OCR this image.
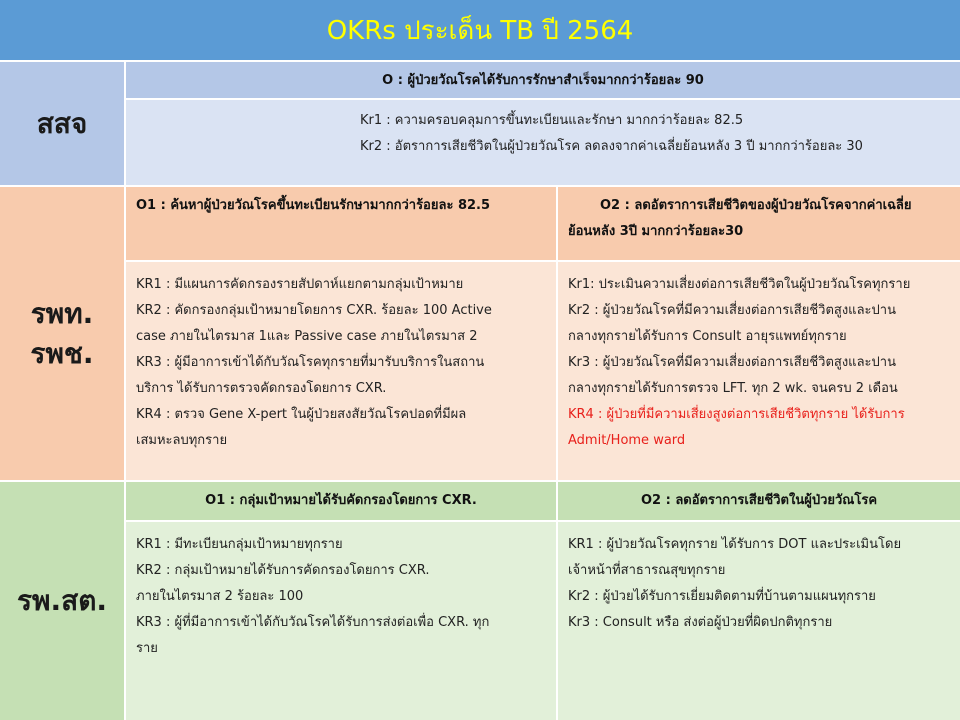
OKRs ประเด็น TB ปี 2564
สสจ
O : ผู้ป่วยวัณโรคได้รับการรักษาสำเร็จมากกว่าร้อยละ 90
Kr1 : ความครอบคลุมการขึ้นทะเบียนและรักษา มากกว่าร้อยละ 82.5
Kr2 : อัตราการเสียชีวิตในผู้ป่วยวัณโรค ลดลงจากค่าเฉลี่ยย้อนหลัง 3 ปี มากกว่าร้อยละ 30
รพท.
รพช.
O1 : ค้นหาผู้ป่วยวัณโรคขึ้นทะเบียนรักษามากกว่าร้อยละ 82.5	O2 : ลดอัตราการเสียชีวิตของผู้ป่วยวัณโรคจากค่าเฉลี่ย
ย้อนหลัง 3ปี มากกว่าร้อยละ30
KR1 : มีแผนการคัดกรองรายสัปดาห์แยกตามกลุ่มเป้าหมาย
KR2 : คัดกรองกลุ่มเป้าหมายโดยการ CXR. ร้อยละ 100 Active
case ภายในไตรมาส 1และ Passive case ภายในไตรมาส 2
KR3 : ผู้มีอาการเข้าได้กับวัณโรคทุกรายที่มารับบริการในสถาน
บริการ ได้รับการตรวจคัดกรองโดยการ CXR.
KR4 : ตรวจ Gene X-pert ในผู้ป่วยสงสัยวัณโรคปอดที่มีผล
เสมหะลบทุกราย
Kr1: ประเมินความเสี่ยงต่อการเสียชีวิตในผู้ป่วยวัณโรคทุกราย
Kr2 : ผู้ป่วยวัณโรคที่มีความเสี่ยงต่อการเสียชีวิตสูงและปาน
กลางทุกรายได้รับการ Consult อายุรแพทย์ทุกราย
Kr3 : ผู้ป่วยวัณโรคที่มีความเสี่ยงต่อการเสียชีวิตสูงและปาน
กลางทุกรายได้รับการตรวจ LFT. ทุก 2 wk. จนครบ 2 เดือน
KR4 : ผู้ป่วยที่มีความเสี่ยงสูงต่อการเสียชีวิตทุกราย ได้รับการ
Admit/Home ward
รพ.สต.
O1 : กลุ่มเป้าหมายได้รับคัดกรองโดยการ CXR.	O2 : ลดอัตราการเสียชีวิตในผู้ป่วยวัณโรค
KR1 : มีทะเบียนกลุ่มเป้าหมายทุกราย
KR2 : กลุ่มเป้าหมายได้รับการคัดกรองโดยการ CXR.
ภายในไตรมาส 2 ร้อยละ 100
KR3 : ผู้ที่มีอาการเข้าได้กับวัณโรคได้รับการส่งต่อเพื่อ CXR. ทุก
ราย
KR1 : ผู้ป่วยวัณโรคทุกราย ได้รับการ DOT และประเมินโดย
เจ้าหน้าที่สาธารณสุขทุกราย
Kr2 : ผู้ป่วยได้รับการเยี่ยมติดตามที่บ้านตามแผนทุกราย
Kr3 : Consult หรือ ส่งต่อผู้ป่วยที่ผิดปกติทุกราย
